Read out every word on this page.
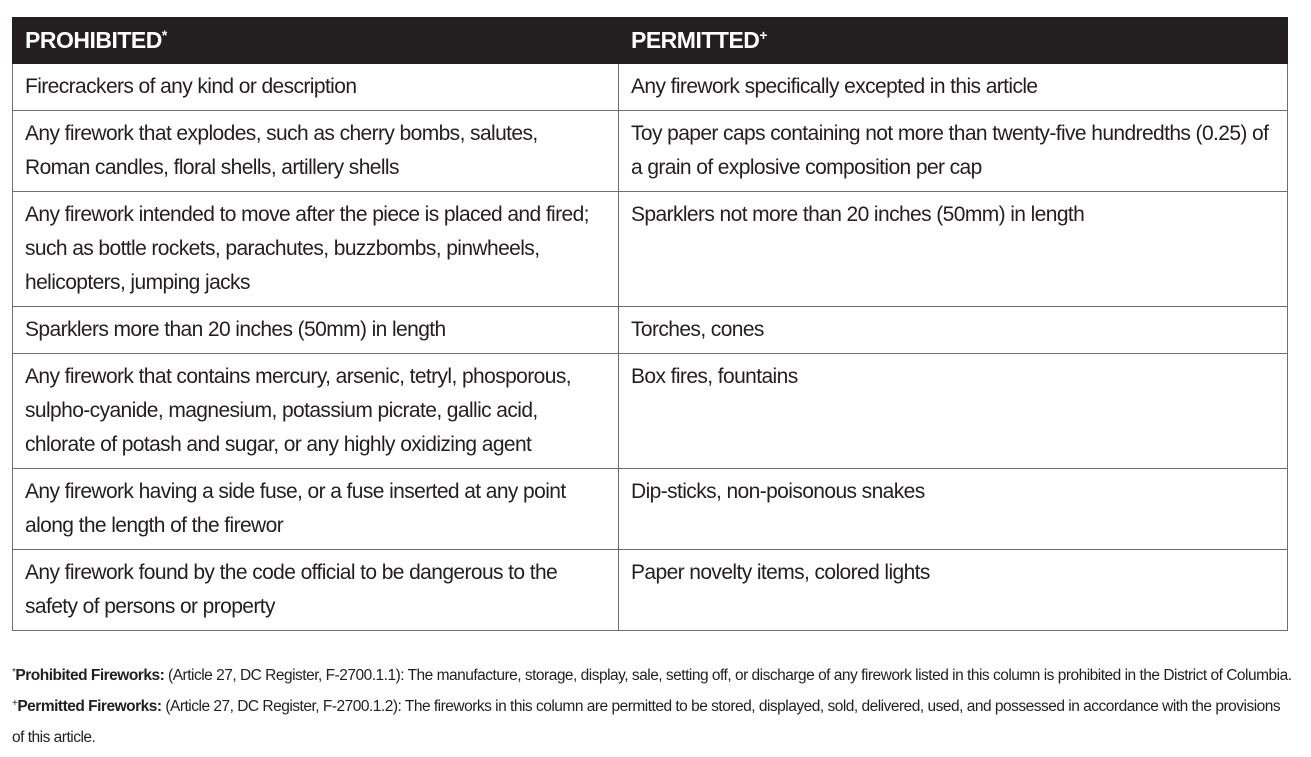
PROHIBITED*	PERMITTED+
Firecrackers of any kind or description	Any firework specifically excepted in this article
Any firework that explodes, such as cherry bombs, salutes, Roman candles, floral shells, artillery shells	Toy paper caps containing not more than twenty-five hundredths (0.25) of a grain of explosive composition per cap
Any firework intended to move after the piece is placed and fired; such as bottle rockets, parachutes, buzzbombs, pinwheels, helicopters, jumping jacks	Sparklers not more than 20 inches (50mm) in length
Sparklers more than 20 inches (50mm) in length	Torches, cones
Any firework that contains mercury, arsenic, tetryl, phosporous, sulpho-cyanide, magnesium, potassium picrate, gallic acid, chlorate of potash and sugar, or any highly oxidizing agent	Box fires, fountains
Any firework having a side fuse, or a fuse inserted at any point along the length of the firewor	Dip-sticks, non-poisonous snakes
Any firework found by the code official to be dangerous to the safety of persons or property	Paper novelty items, colored lights
*Prohibited Fireworks: (Article 27, DC Register, F-2700.1.1): The manufacture, storage, display, sale, setting off, or discharge of any firework listed in this column is prohibited in the District of Columbia.
+Permitted Fireworks: (Article 27, DC Register, F-2700.1.2): The fireworks in this column are permitted to be stored, displayed, sold, delivered, used, and possessed in accordance with the provisions of this article.
